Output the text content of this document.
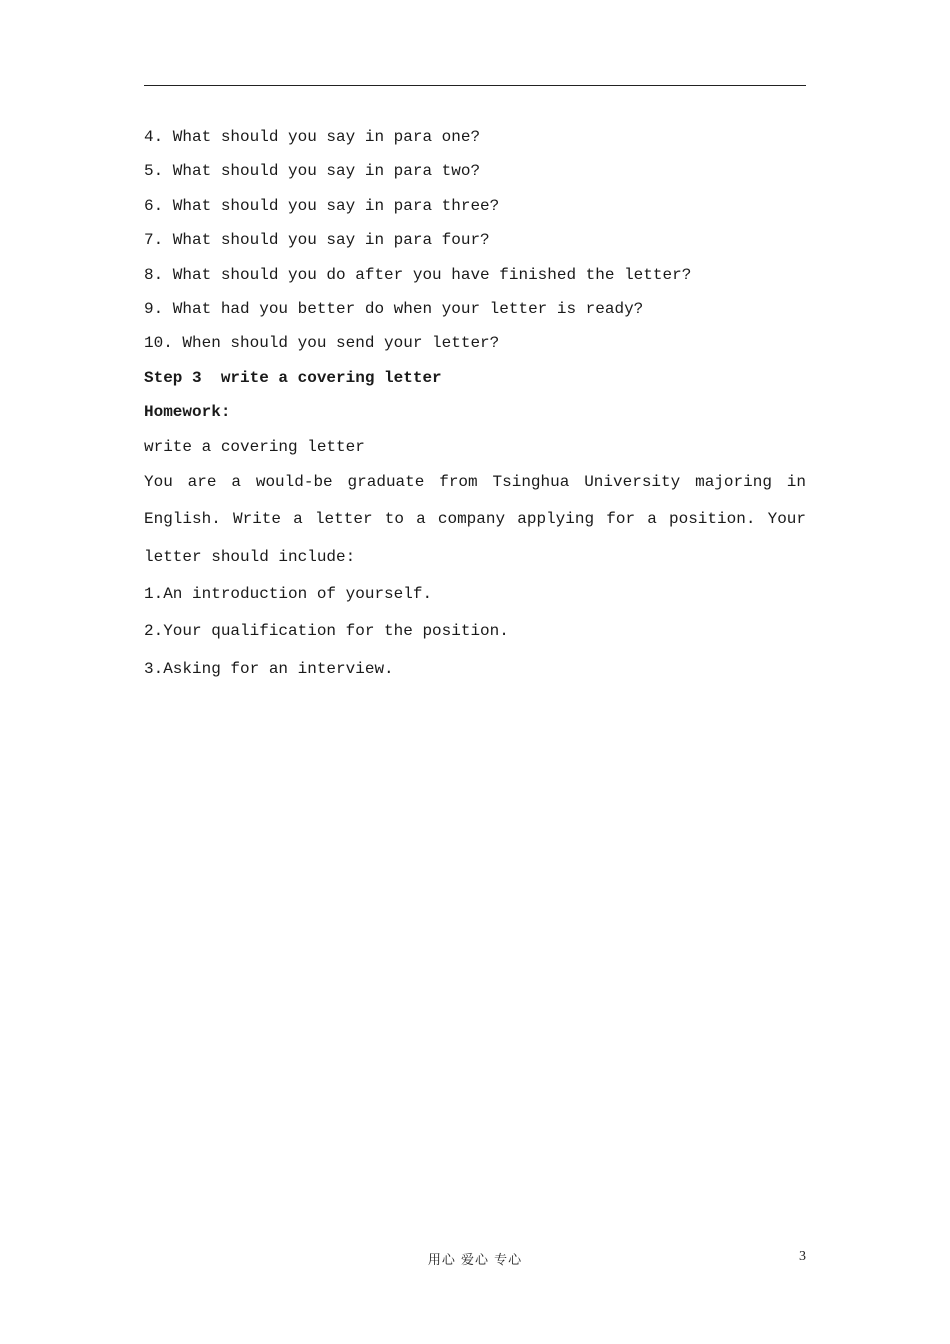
4. What should you say in para one?
5. What should you say in para two?
6. What should you say in para three?
7. What should you say in para four?
8. What should you do after you have finished the letter?
9. What had you better do when your letter is ready?
10. When should you send your letter?
Step 3  write a covering letter
Homework:
write a covering letter
You are a would-be graduate from Tsinghua University majoring in
English. Write a letter to a company applying for a position. Your
letter should include:
1.An introduction of yourself.
2.Your qualification for the position.
3.Asking for an interview.
用心 爱心 专心	3
